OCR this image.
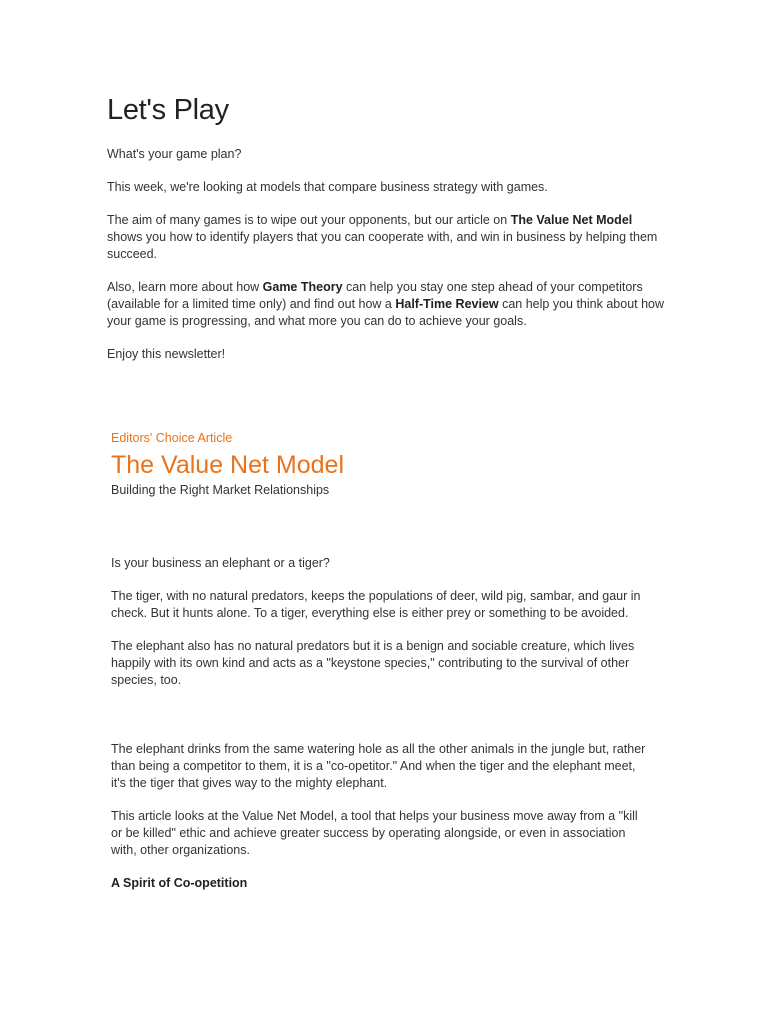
Let's Play

What's your game plan?

This week, we're looking at models that compare business strategy with games.

The aim of many games is to wipe out your opponents, but our article on The Value Net Model shows you how to identify players that you can cooperate with, and win in business by helping them succeed.

Also, learn more about how Game Theory can help you stay one step ahead of your competitors (available for a limited time only) and find out how a Half-Time Review can help you think about how your game is progressing, and what more you can do to achieve your goals.

Enjoy this newsletter!

Editors' Choice Article

The Value Net Model

Building the Right Market Relationships

Is your business an elephant or a tiger?

The tiger, with no natural predators, keeps the populations of deer, wild pig, sambar, and gaur in check. But it hunts alone. To a tiger, everything else is either prey or something to be avoided.

The elephant also has no natural predators but it is a benign and sociable creature, which lives happily with its own kind and acts as a "keystone species," contributing to the survival of other species, too.

The elephant drinks from the same watering hole as all the other animals in the jungle but, rather than being a competitor to them, it is a "co-opetitor." And when the tiger and the elephant meet, it's the tiger that gives way to the mighty elephant.

This article looks at the Value Net Model, a tool that helps your business move away from a "kill or be killed" ethic and achieve greater success by operating alongside, or even in association with, other organizations.

A Spirit of Co-opetition
